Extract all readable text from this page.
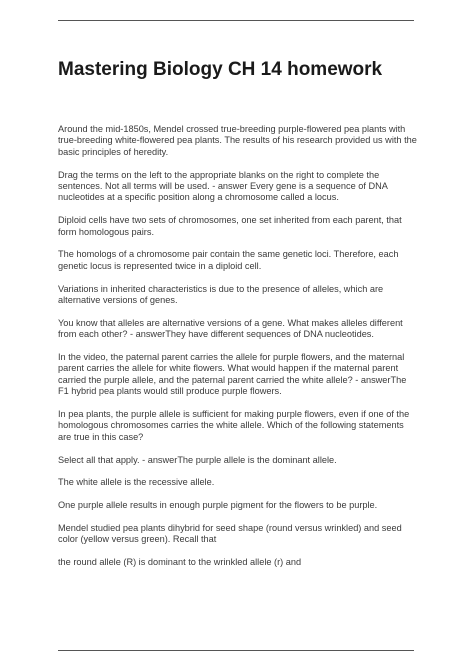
Mastering Biology CH 14 homework

Around the mid-1850s, Mendel crossed true-breeding purple-flowered pea plants with true-breeding white-flowered pea plants. The results of his research provided us with the basic principles of heredity.

Drag the terms on the left to the appropriate blanks on the right to complete the sentences. Not all terms will be used. - answer Every gene is a sequence of DNA nucleotides at a specific position along a chromosome called a locus.

Diploid cells have two sets of chromosomes, one set inherited from each parent, that form homologous pairs.

The homologs of a chromosome pair contain the same genetic loci. Therefore, each genetic locus is represented twice in a diploid cell.

Variations in inherited characteristics is due to the presence of alleles, which are alternative versions of genes.

You know that alleles are alternative versions of a gene. What makes alleles different from each other? - answerThey have different sequences of DNA nucleotides.

In the video, the paternal parent carries the allele for purple flowers, and the maternal parent carries the allele for white flowers. What would happen if the maternal parent carried the purple allele, and the paternal parent carried the white allele? - answerThe F1 hybrid pea plants would still produce purple flowers.

In pea plants, the purple allele is sufficient for making purple flowers, even if one of the homologous chromosomes carries the white allele. Which of the following statements are true in this case?

Select all that apply. - answerThe purple allele is the dominant allele.

The white allele is the recessive allele.

One purple allele results in enough purple pigment for the flowers to be purple.

Mendel studied pea plants dihybrid for seed shape (round versus wrinkled) and seed color (yellow versus green). Recall that

the round allele (R) is dominant to the wrinkled allele (r) and
